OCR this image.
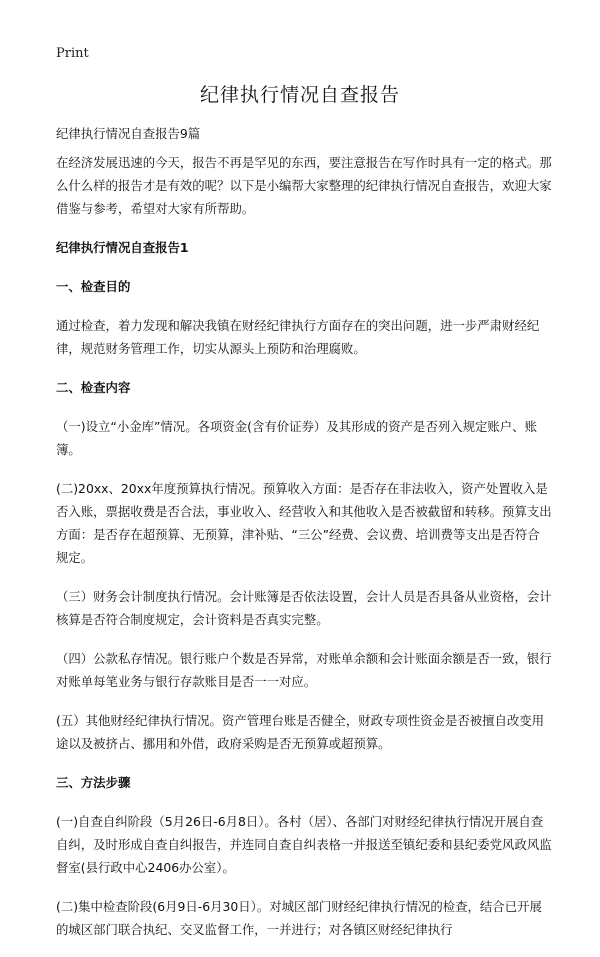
Print
纪律执行情况自查报告

纪律执行情况自查报告9篇

在经济发展迅速的今天，报告不再是罕见的东西，要注意报告在写作时具有一定的格式。那么什么样的报告才是有效的呢？以下是小编帮大家整理的纪律执行情况自查报告，欢迎大家借鉴与参考，希望对大家有所帮助。

纪律执行情况自查报告1

一、检查目的

通过检查，着力发现和解决我镇在财经纪律执行方面存在的突出问题，进一步严肃财经纪律，规范财务管理工作，切实从源头上预防和治理腐败。

二、检查内容

（一)设立“小金库”情况。各项资金(含有价证券）及其形成的资产是否列入规定账户、账簿。

(二)20xx、20xx年度预算执行情况。预算收入方面：是否存在非法收入，资产处置收入是否入账，票据收费是否合法，事业收入、经营收入和其他收入是否被截留和转移。预算支出方面：是否存在超预算、无预算，津补贴、“三公”经费、会议费、培训费等支出是否符合规定。

（三）财务会计制度执行情况。会计账簿是否依法设置，会计人员是否具备从业资格，会计核算是否符合制度规定，会计资料是否真实完整。

（四）公款私存情况。银行账户个数是否异常，对账单余额和会计账面余额是否一致，银行对账单每笔业务与银行存款账目是否一一对应。

(五）其他财经纪律执行情况。资产管理台账是否健全，财政专项性资金是否被擅自改变用途以及被挤占、挪用和外借，政府采购是否无预算或超预算。

三、方法步骤

(一)自查自纠阶段（5月26日-6月8日）。各村（居）、各部门对财经纪律执行情况开展自查自纠，及时形成自查自纠报告，并连同自查自纠表格一并报送至镇纪委和县纪委党风政风监督室(县行政中心2406办公室）。

(二)集中检查阶段(6月9日-6月30日）。对城区部门财经纪律执行情况的检查，结合已开展的城区部门联合执纪、交叉监督工作，一并进行；对各镇区财经纪律执行
